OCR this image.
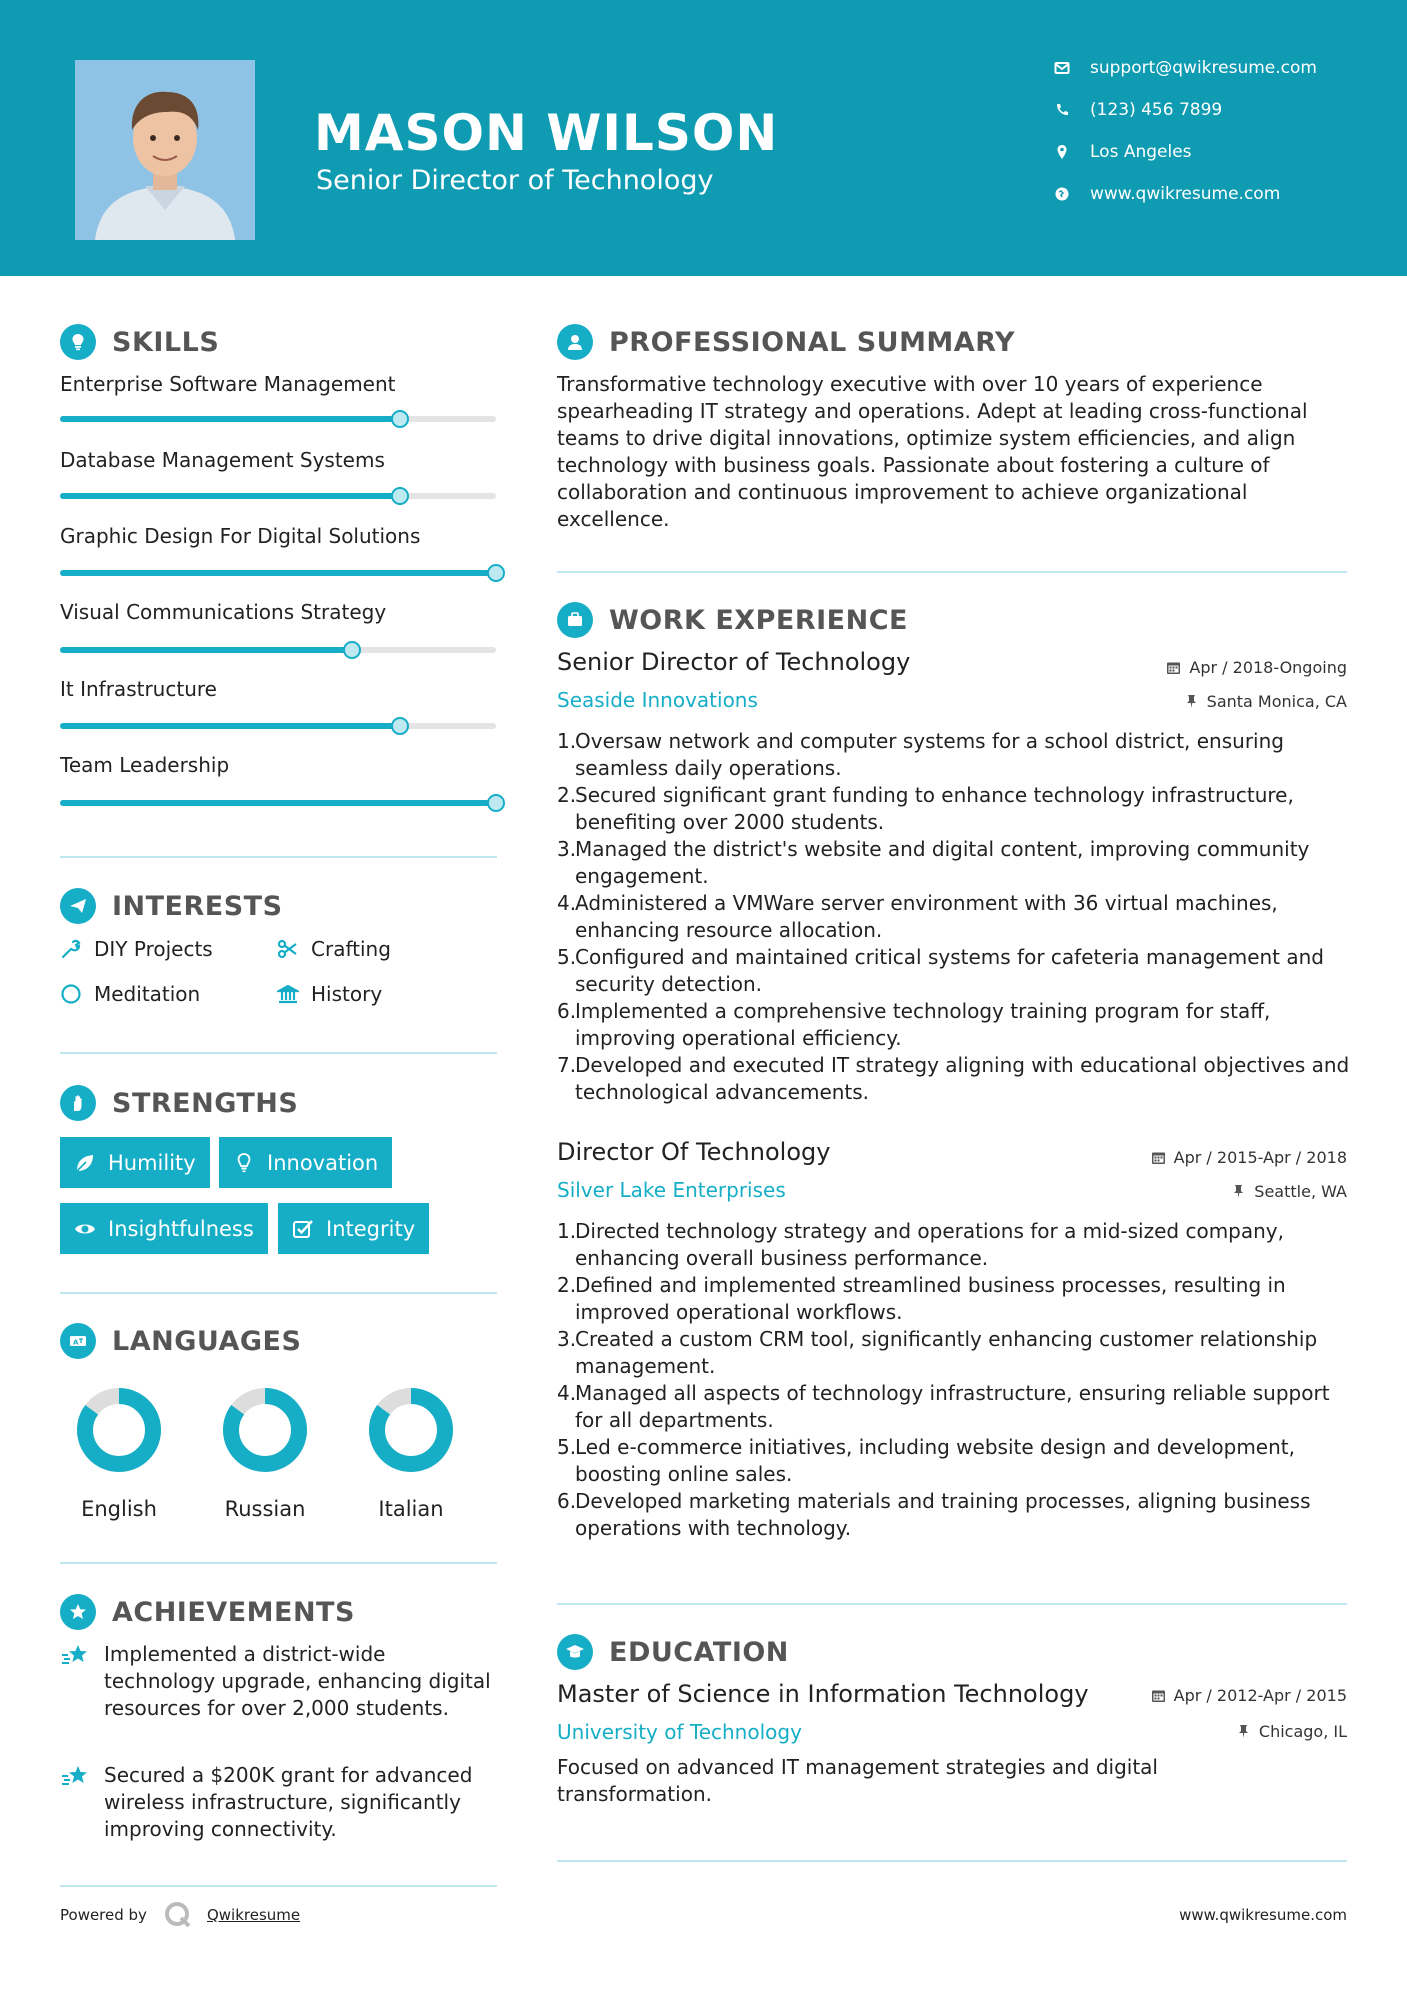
MASON WILSON
Senior Director of Technology
support@qwikresume.com
(123) 456 7899
Los Angeles
www.qwikresume.com
SKILLS
Enterprise Software Management
Database Management Systems
Graphic Design For Digital Solutions
Visual Communications Strategy
It Infrastructure
Team Leadership
INTERESTS
DIY Projects	Crafting
Meditation	History
STRENGTHS
Humility	Innovation
Insightfulness	Integrity
A LANGUAGES
English	Russian	Italian
ACHIEVEMENTS
Implemented a district-wide technology upgrade, enhancing digital resources for over 2,000 students.
Secured a $200K grant for advanced wireless infrastructure, significantly improving connectivity.
PROFESSIONAL SUMMARY
Transformative technology executive with over 10 years of experience spearheading IT strategy and operations. Adept at leading cross-functional teams to drive digital innovations, optimize system efficiencies, and align technology with business goals. Passionate about fostering a culture of collaboration and continuous improvement to achieve organizational excellence.
WORK EXPERIENCE
Senior Director of Technology	Apr / 2018-Ongoing
Seaside Innovations	Santa Monica, CA
Oversaw network and computer systems for a school district, ensuring seamless daily operations.
Secured significant grant funding to enhance technology infrastructure, benefiting over 2000 students.
Managed the district's website and digital content, improving community engagement.
Administered a VMWare server environment with 36 virtual machines, enhancing resource allocation.
Configured and maintained critical systems for cafeteria management and security detection.
Implemented a comprehensive technology training program for staff, improving operational efficiency.
Developed and executed IT strategy aligning with educational objectives and technological advancements.
Director Of Technology	Apr / 2015-Apr / 2018
Silver Lake Enterprises	Seattle, WA
Directed technology strategy and operations for a mid-sized company, enhancing overall business performance.
Defined and implemented streamlined business processes, resulting in improved operational workflows.
Created a custom CRM tool, significantly enhancing customer relationship management.
Managed all aspects of technology infrastructure, ensuring reliable support for all departments.
Led e-commerce initiatives, including website design and development, boosting online sales.
Developed marketing materials and training processes, aligning business operations with technology.
EDUCATION
Master of Science in Information Technology	Apr / 2012-Apr / 2015
University of Technology	Chicago, IL
Focused on advanced IT management strategies and digital transformation.
Powered by	Qwikresume	www.qwikresume.com
